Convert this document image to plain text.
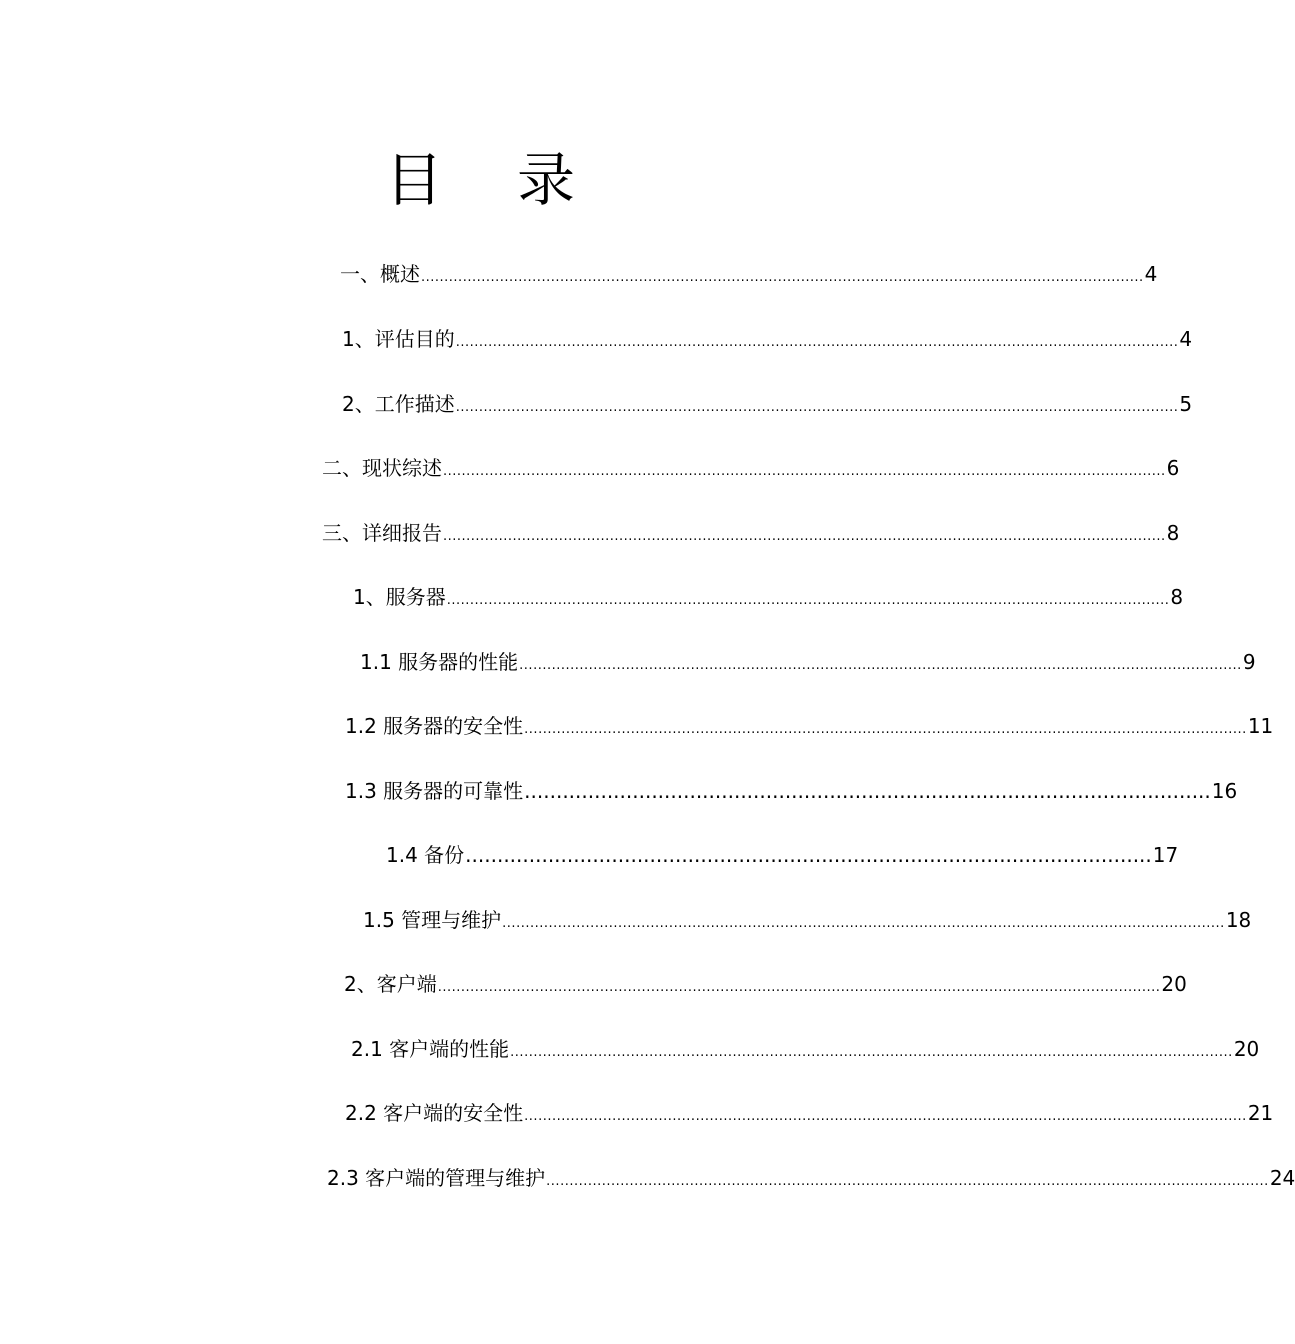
目 录
一、概述 ............................................................................................................................................................ 4
1、评估目的 ............................................................................................................................................................ 4
2、工作描述 ............................................................................................................................................................ 5
二、现状综述 ............................................................................................................................................................ 6
三、详细报告 ............................................................................................................................................................ 8
1、服务器 ............................................................................................................................................................ 8
1.1 服务器的性能 ............................................................................................................................................................ 9
1.2 服务器的安全性 ............................................................................................................................................................ 11
1.3 服务器的可靠性 ............................................................................................................ 16
1.4 备份 ............................................................................................................ 17
1.5 管理与维护 ............................................................................................................................................................ 18
2、客户端 ............................................................................................................................................................ 20
2.1 客户端的性能 ............................................................................................................................................................ 20
2.2 客户端的安全性 ............................................................................................................................................................ 21
2.3 客户端的管理与维护 ............................................................................................................................................................ 24
